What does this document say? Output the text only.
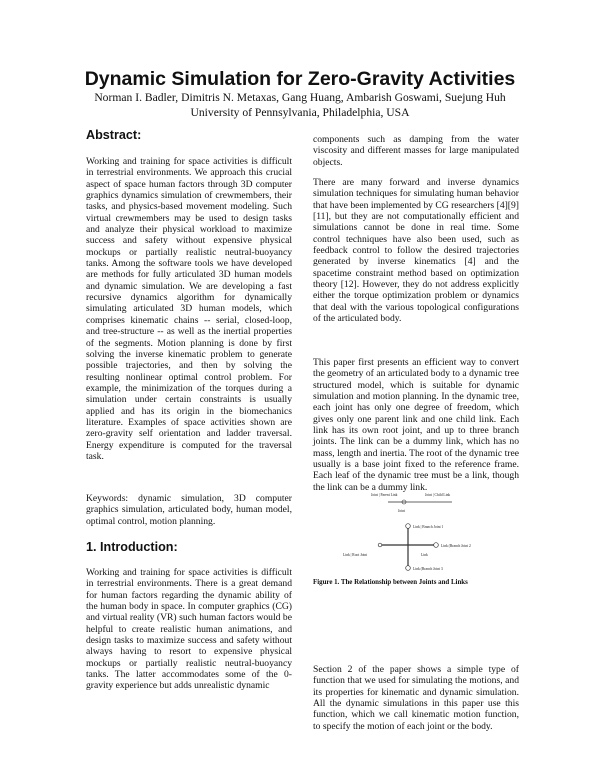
Dynamic Simulation for Zero-Gravity Activities
Norman I. Badler, Dimitris N. Metaxas, Gang Huang, Ambarish Goswami, Suejung Huh
University of Pennsylvania, Philadelphia, USA
Abstract:

Working and training for space activities is difficult in terrestrial environments. We approach this crucial aspect of space human factors through 3D computer graphics dynamics simulation of crewmembers, their tasks, and physics-based movement modeling. Such virtual crewmembers may be used to design tasks and analyze their physical workload to maximize success and safety without expensive physical mockups or partially realistic neutral-buoyancy tanks. Among the software tools we have developed are methods for fully articulated 3D human models and dynamic simulation. We are developing a fast recursive dynamics algorithm for dynamically simulating articulated 3D human models, which comprises kinematic chains -- serial, closed-loop, and tree-structure -- as well as the inertial properties of the segments. Motion planning is done by first solving the inverse kinematic problem to generate possible trajectories, and then by solving the resulting nonlinear optimal control problem. For example, the minimization of the torques during a simulation under certain constraints is usually applied and has its origin in the biomechanics literature. Examples of space activities shown are zero-gravity self orientation and ladder traversal. Energy expenditure is computed for the traversal task.

Keywords: dynamic simulation, 3D computer graphics simulation, articulated body, human model, optimal control, motion planning.

1. Introduction:

Working and training for space activities is difficult in terrestrial environments. There is a great demand for human factors regarding the dynamic ability of the human body in space. In computer graphics (CG) and virtual reality (VR) such human factors would be helpful to create realistic human animations, and design tasks to maximize success and safety without always having to resort to expensive physical mockups or partially realistic neutral-buoyancy tanks. The latter accommodates some of the 0-gravity experience but adds unrealistic dynamic

components such as damping from the water viscosity and different masses for large manipulated objects.

There are many forward and inverse dynamics simulation techniques for simulating human behavior that have been implemented by CG researchers [4][9][11], but they are not computationally efficient and simulations cannot be done in real time. Some control techniques have also been used, such as feedback control to follow the desired trajectories generated by inverse kinematics [4] and the spacetime constraint method based on optimization theory [12]. However, they do not address explicitly either the torque optimization problem or dynamics that deal with the various topological configurations of the articulated body.

This paper first presents an efficient way to convert the geometry of an articulated body to a dynamic tree structured model, which is suitable for dynamic simulation and motion planning. In the dynamic tree, each joint has only one degree of freedom, which gives only one parent link and one child link. Each link has its own root joint, and up to three branch joints. The link can be a dummy link, which has no mass, length and inertia. The root of the dynamic tree usually is a base joint fixed to the reference frame. Each leaf of the dynamic tree must be a link, though the link can be a dummy link.

Section 2 of the paper shows a simple type of function that we used for simulating the motions, and its properties for kinematic and dynamic simulation. All the dynamic simulations in this paper use this function, which we call kinematic motion function, to specify the motion of each joint or the body.

Joint | Parent Link	Joint | Child Link
Joint
Link | Branch Joint 1
Link (Branch Joint 2
Link (Branch Joint 3
Link | Root Joint	Link
Figure 1. The Relationship between Joints and Links
